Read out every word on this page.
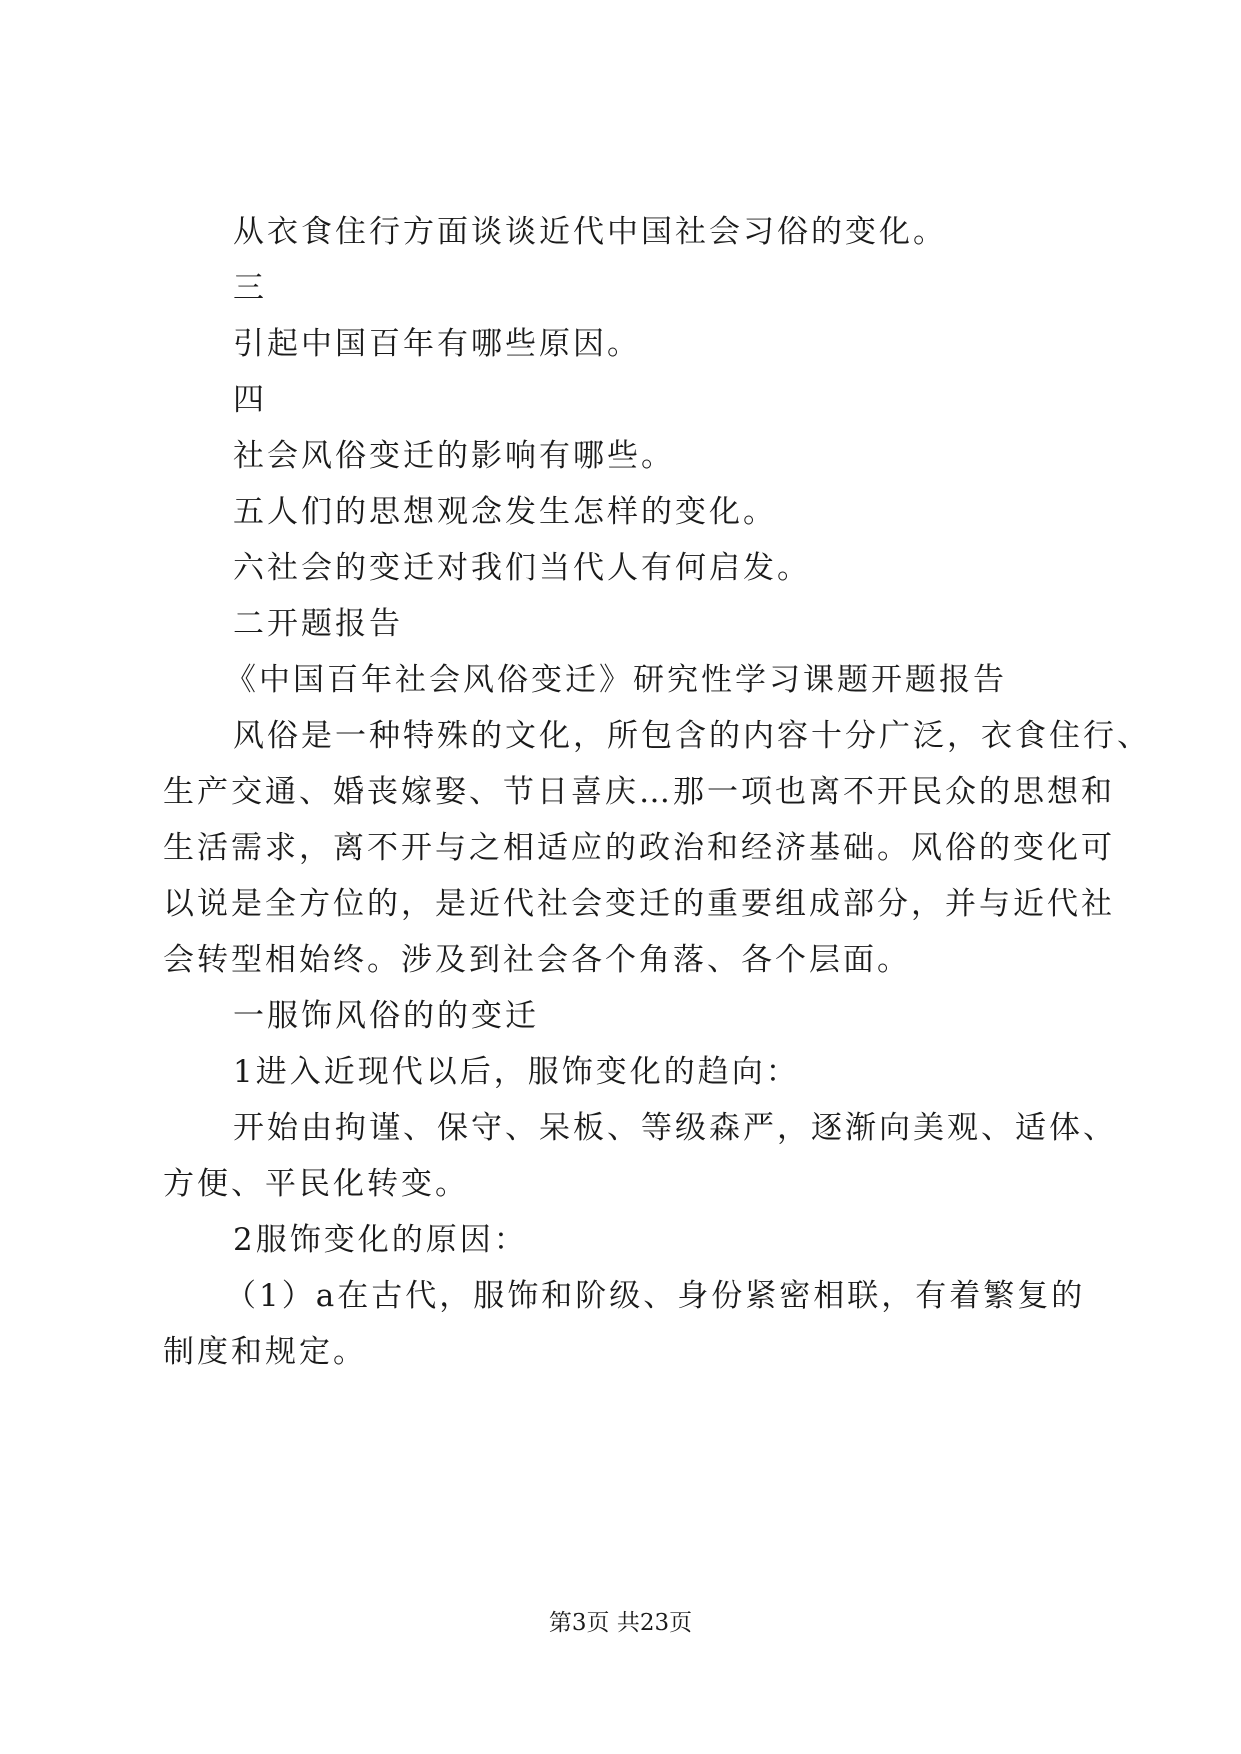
从衣食住行方面谈谈近代中国社会习俗的变化。
三
引起中国百年有哪些原因。
四
社会风俗变迁的影响有哪些。
五人们的思想观念发生怎样的变化。
六社会的变迁对我们当代人有何启发。
二开题报告
《中国百年社会风俗变迁》研究性学习课题开题报告
风俗是一种特殊的文化，所包含的内容十分广泛，衣食住行、
生产交通、婚丧嫁娶、节日喜庆…那一项也离不开民众的思想和
生活需求，离不开与之相适应的政治和经济基础。风俗的变化可
以说是全方位的，是近代社会变迁的重要组成部分，并与近代社
会转型相始终。涉及到社会各个角落、各个层面。
一服饰风俗的的变迁
1进入近现代以后，服饰变化的趋向：
开始由拘谨、保守、呆板、等级森严，逐渐向美观、适体、
方便、平民化转变。
2服饰变化的原因：
（1）a在古代，服饰和阶级、身份紧密相联，有着繁复的
制度和规定。
第3页 共23页
